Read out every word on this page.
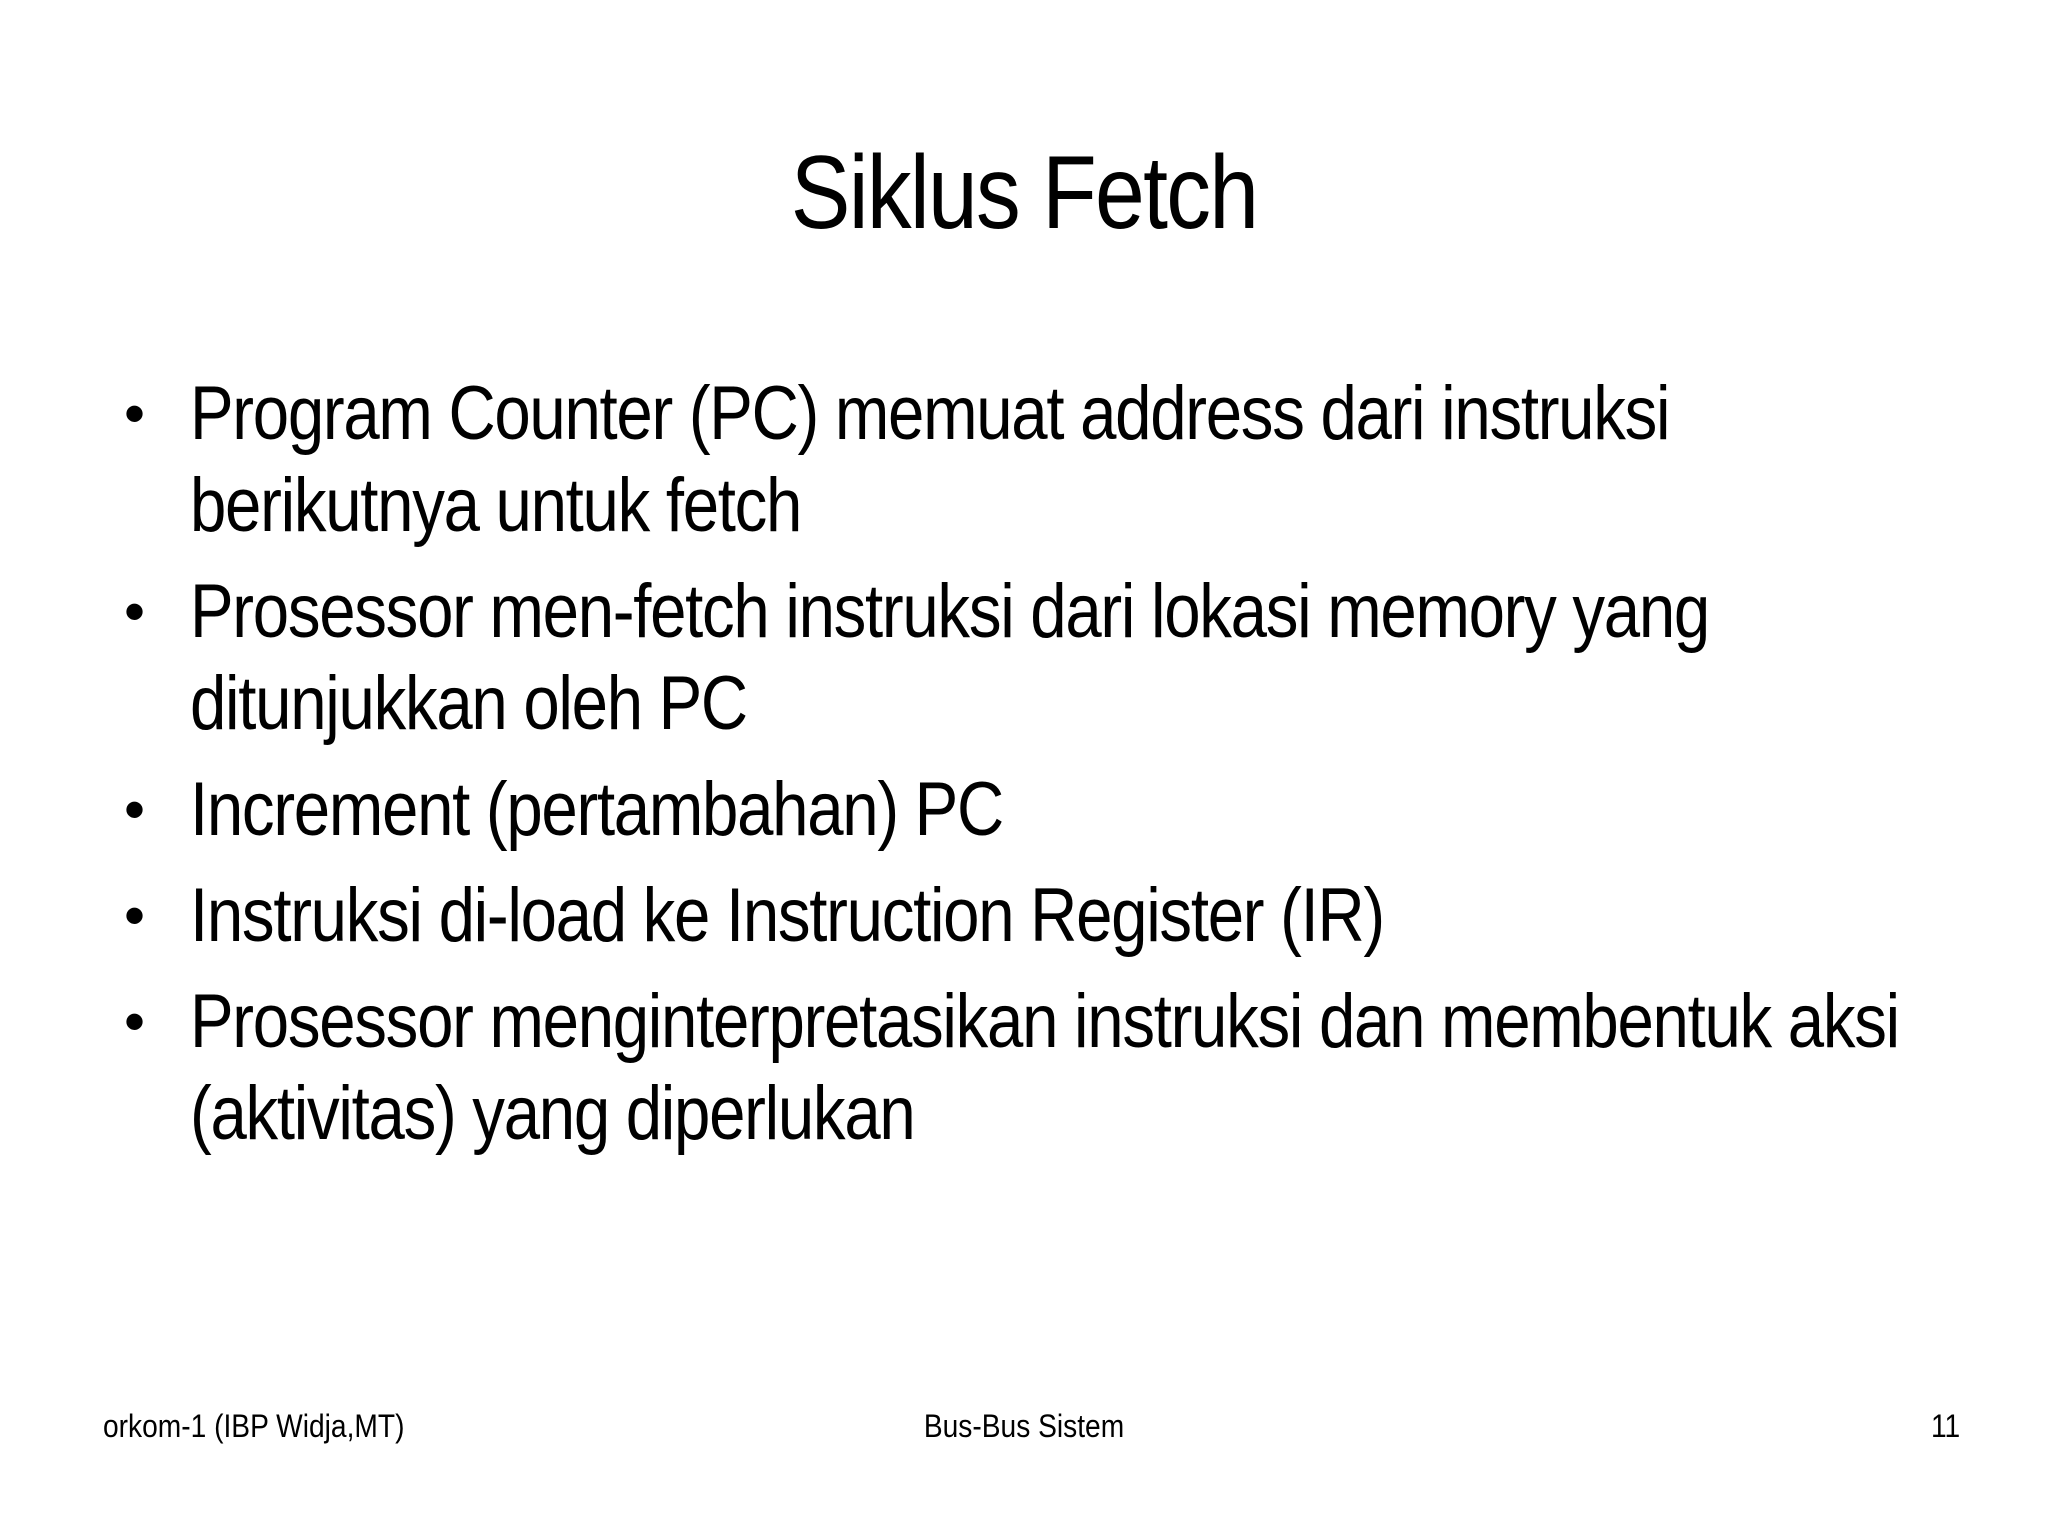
Siklus Fetch
• Program Counter (PC) memuat address dari instruksi berikutnya untuk fetch
• Prosessor men-fetch instruksi dari lokasi memory yang ditunjukkan oleh PC
• Increment (pertambahan) PC
• Instruksi di-load ke Instruction Register (IR)
• Prosessor menginterpretasikan instruksi dan membentuk aksi (aktivitas) yang diperlukan
orkom-1 (IBP Widja,MT)	Bus-Bus Sistem	11
